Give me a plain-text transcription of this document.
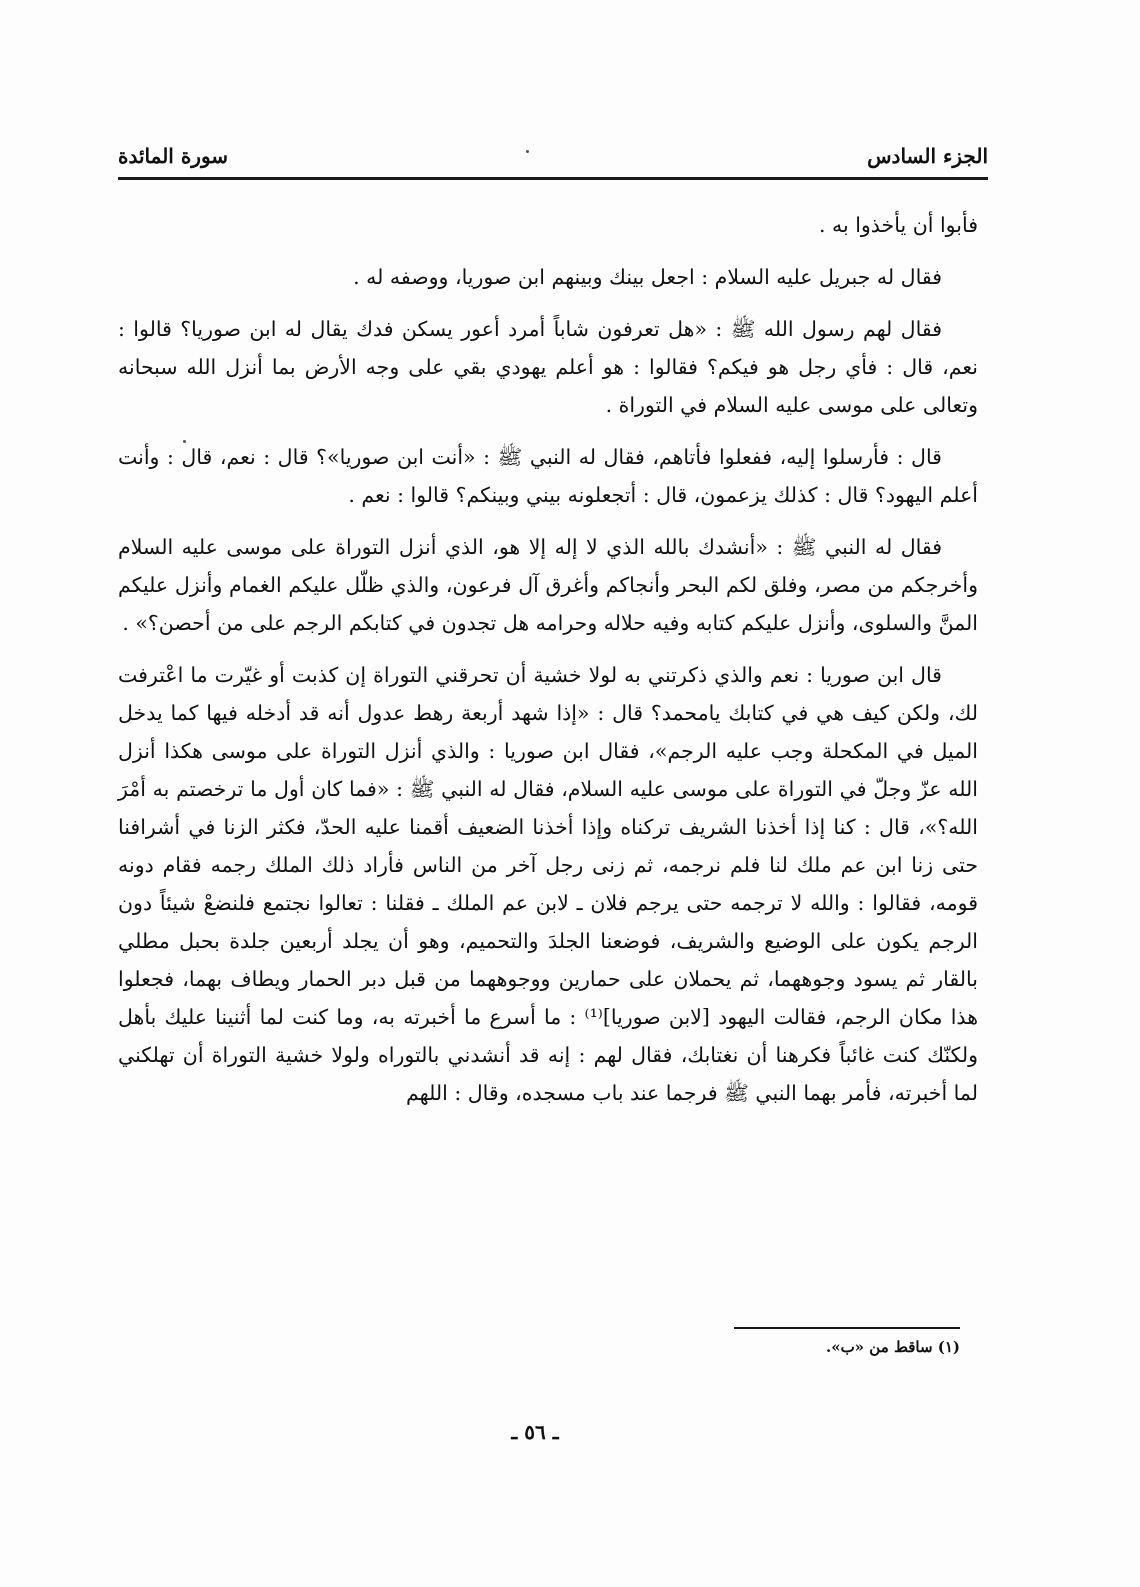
الجزء السادس
سورة المائدة

فأبوا أن يأخذوا به .

فقال له جبريل عليه السلام : اجعل بينك وبينهم ابن صوريا، ووصفه له .

فقال لهم رسول الله ﷺ : «هل تعرفون شاباً أمرد أعور يسكن فدك يقال له ابن صوريا؟ قالوا : نعم، قال : فأي رجل هو فيكم؟ فقالوا : هو أعلم يهودي بقي على وجه الأرض بما أنزل الله سبحانه وتعالى على موسى عليه السلام في التوراة .

قال : فأرسلوا إليه، ففعلوا فأتاهم، فقال له النبي ﷺ : «أنت ابن صوريا»؟ قال : نعم، قال : وأنت أعلم اليهود؟ قال : كذلك يزعمون، قال : أتجعلونه بيني وبينكم؟ قالوا : نعم .

فقال له النبي ﷺ : «أنشدك بالله الذي لا إله إلا هو، الذي أنزل التوراة على موسى عليه السلام وأخرجكم من مصر، وفلق لكم البحر وأنجاكم وأغرق آل فرعون، والذي ظلّل عليكم الغمام وأنزل عليكم المنَّ والسلوى، وأنزل عليكم كتابه وفيه حلاله وحرامه هل تجدون في كتابكم الرجم على من أحصن؟» .

قال ابن صوريا : نعم والذي ذكرتني به لولا خشية أن تحرقني التوراة إن كذبت أو غيّرت ما اعْترفت لك، ولكن كيف هي في كتابك يامحمد؟ قال : «إذا شهد أربعة رهط عدول أنه قد أدخله فيها كما يدخل الميل في المكحلة وجب عليه الرجم»، فقال ابن صوريا : والذي أنزل التوراة على موسى هكذا أنزل الله عزّ وجلّ في التوراة على موسى عليه السلام، فقال له النبي ﷺ : «فما كان أول ما ترخصتم به أمْرَ الله؟»، قال : كنا إذا أخذنا الشريف تركناه وإذا أخذنا الضعيف أقمنا عليه الحدّ، فكثر الزنا في أشرافنا حتى زنا ابن عم ملك لنا فلم نرجمه، ثم زنى رجل آخر من الناس فأراد ذلك الملك رجمه فقام دونه قومه، فقالوا : والله لا ترجمه حتى يرجم فلان ـ لابن عم الملك ـ فقلنا : تعالوا نجتمع فلنضعْ شيئاً دون الرجم يكون على الوضيع والشريف، فوضعنا الجلدَ والتحميم، وهو أن يجلد أربعين جلدة بحبل مطلي بالقار ثم يسود وجوههما، ثم يحملان على حمارين ووجوههما من قبل دبر الحمار ويطاف بهما، فجعلوا هذا مكان الرجم، فقالت اليهود [لابن صوريا]⁽¹⁾ : ما أسرع ما أخبرته به، وما كنت لما أثنينا عليك بأهل ولكنّك كنت غائباً فكرهنا أن نغتابك، فقال لهم : إنه قد أنشدني بالتوراه ولولا خشية التوراة أن تهلكني لما أخبرته، فأمر بهما النبي ﷺ فرجما عند باب مسجده، وقال : اللهم

(١) ساقط من «ب».
ـ ٥٦ ـ
